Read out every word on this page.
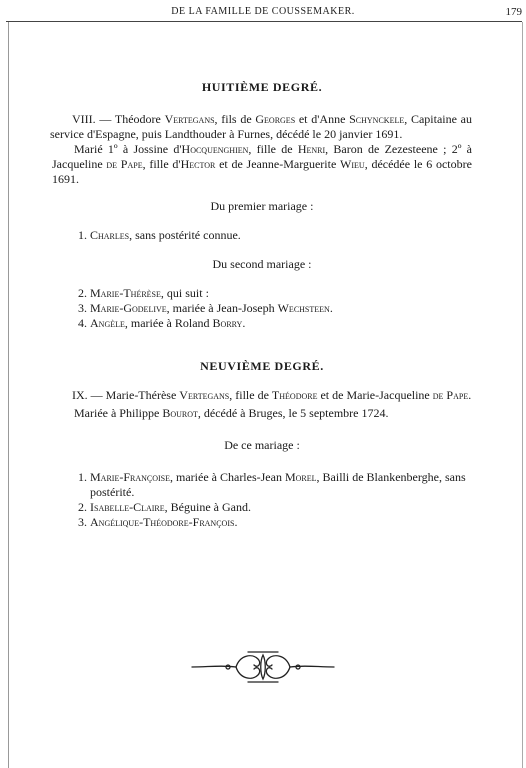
DE LA FAMILLE DE COUSSEMAKER.	179
HUITIÈME DEGRÉ.

VIII. — Théodore Vertegans, fils de Georges et d'Anne Schynckele, Capitaine au service d'Espagne, puis Landthouder à Furnes, décédé le 20 janvier 1691.

Marié 1º à Jossine d'Hocquenghien, fille de Henri, Baron de Zezesteene ; 2º à Jacqueline de Pape, fille d'Hector et de Jeanne-Marguerite Wieu, décédée le 6 octobre 1691.

Du premier mariage :

1. Charles, sans postérité connue.

Du second mariage :

2. Marie-Thérèse, qui suit :
3. Marie-Godelive, mariée à Jean-Joseph Wechsteen.
4. Angèle, mariée à Roland Borry.
NEUVIÈME DEGRÉ.

IX. — Marie-Thérèse Vertegans, fille de Théodore et de Marie-Jacqueline de Pape.

Mariée à Philippe Bourot, décédé à Bruges, le 5 septembre 1724.

De ce mariage :

1. Marie-Françoise, mariée à Charles-Jean Morel, Bailli de Blankenberghe, sans postérité.
2. Isabelle-Claire, Béguine à Gand.
3. Angélique-Théodore-François.
